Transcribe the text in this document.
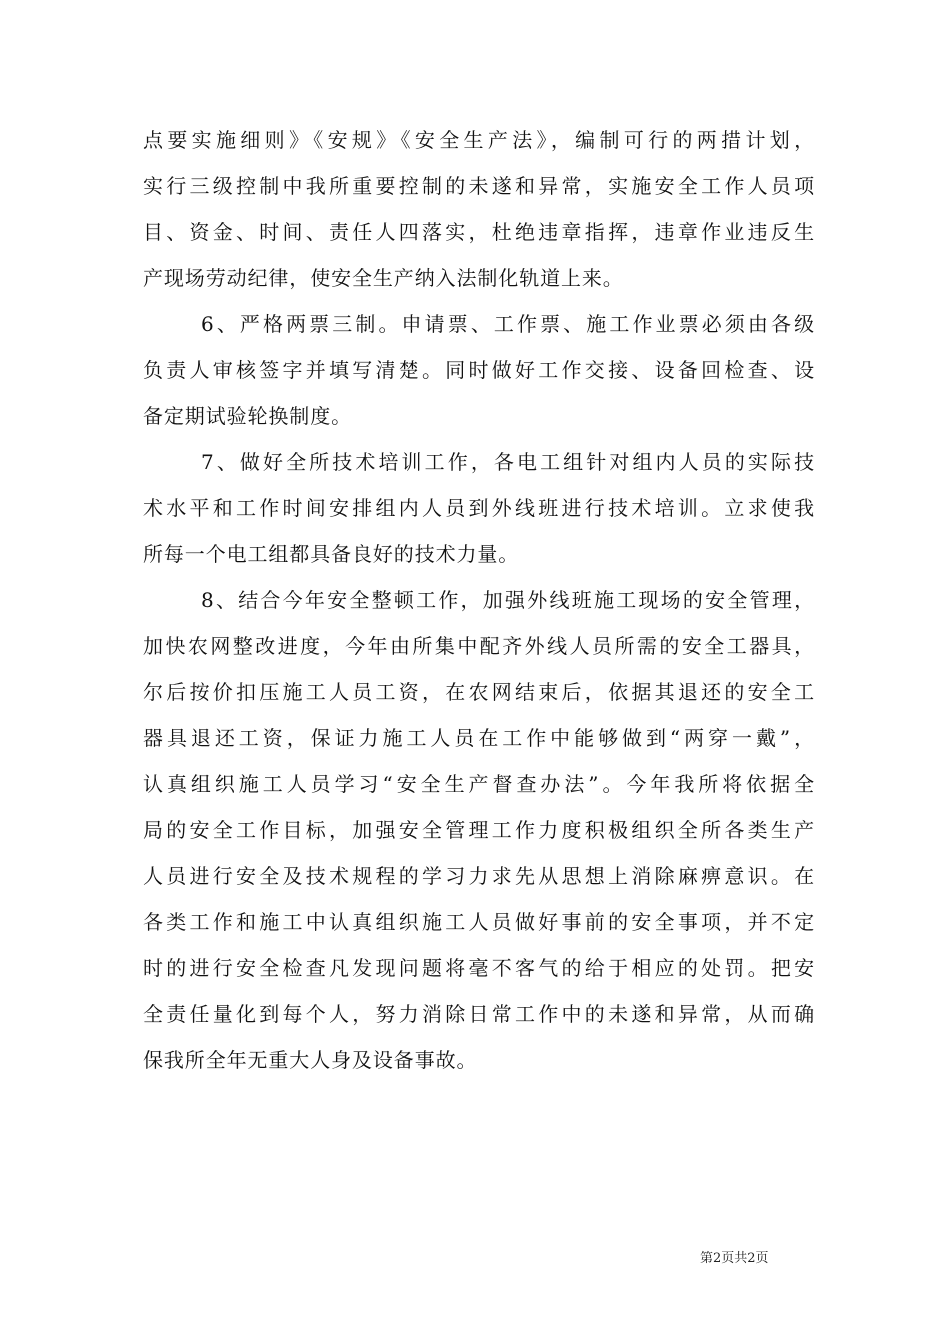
点要实施细则》《安规》《安全生产法》，编制可行的两措计划，
实行三级控制中我所重要控制的未遂和异常，实施安全工作人员项
目、资金、时间、责任人四落实，杜绝违章指挥，违章作业违反生
产现场劳动纪律，使安全生产纳入法制化轨道上来。
6、严格两票三制。申请票、工作票、施工作业票必须由各级
负责人审核签字并填写清楚。同时做好工作交接、设备回检查、设
备定期试验轮换制度。
7、做好全所技术培训工作，各电工组针对组内人员的实际技
术水平和工作时间安排组内人员到外线班进行技术培训。立求使我
所每一个电工组都具备良好的技术力量。
8、结合今年安全整顿工作，加强外线班施工现场的安全管理，
加快农网整改进度，今年由所集中配齐外线人员所需的安全工器具，
尔后按价扣压施工人员工资，在农网结束后，依据其退还的安全工
器具退还工资，保证力施工人员在工作中能够做到“两穿一戴”，
认真组织施工人员学习“安全生产督查办法”。今年我所将依据全
局的安全工作目标，加强安全管理工作力度积极组织全所各类生产
人员进行安全及技术规程的学习力求先从思想上消除麻痹意识。在
各类工作和施工中认真组织施工人员做好事前的安全事项，并不定
时的进行安全检查凡发现问题将毫不客气的给于相应的处罚。把安
全责任量化到每个人，努力消除日常工作中的未遂和异常，从而确
保我所全年无重大人身及设备事故。
第2页共2页
